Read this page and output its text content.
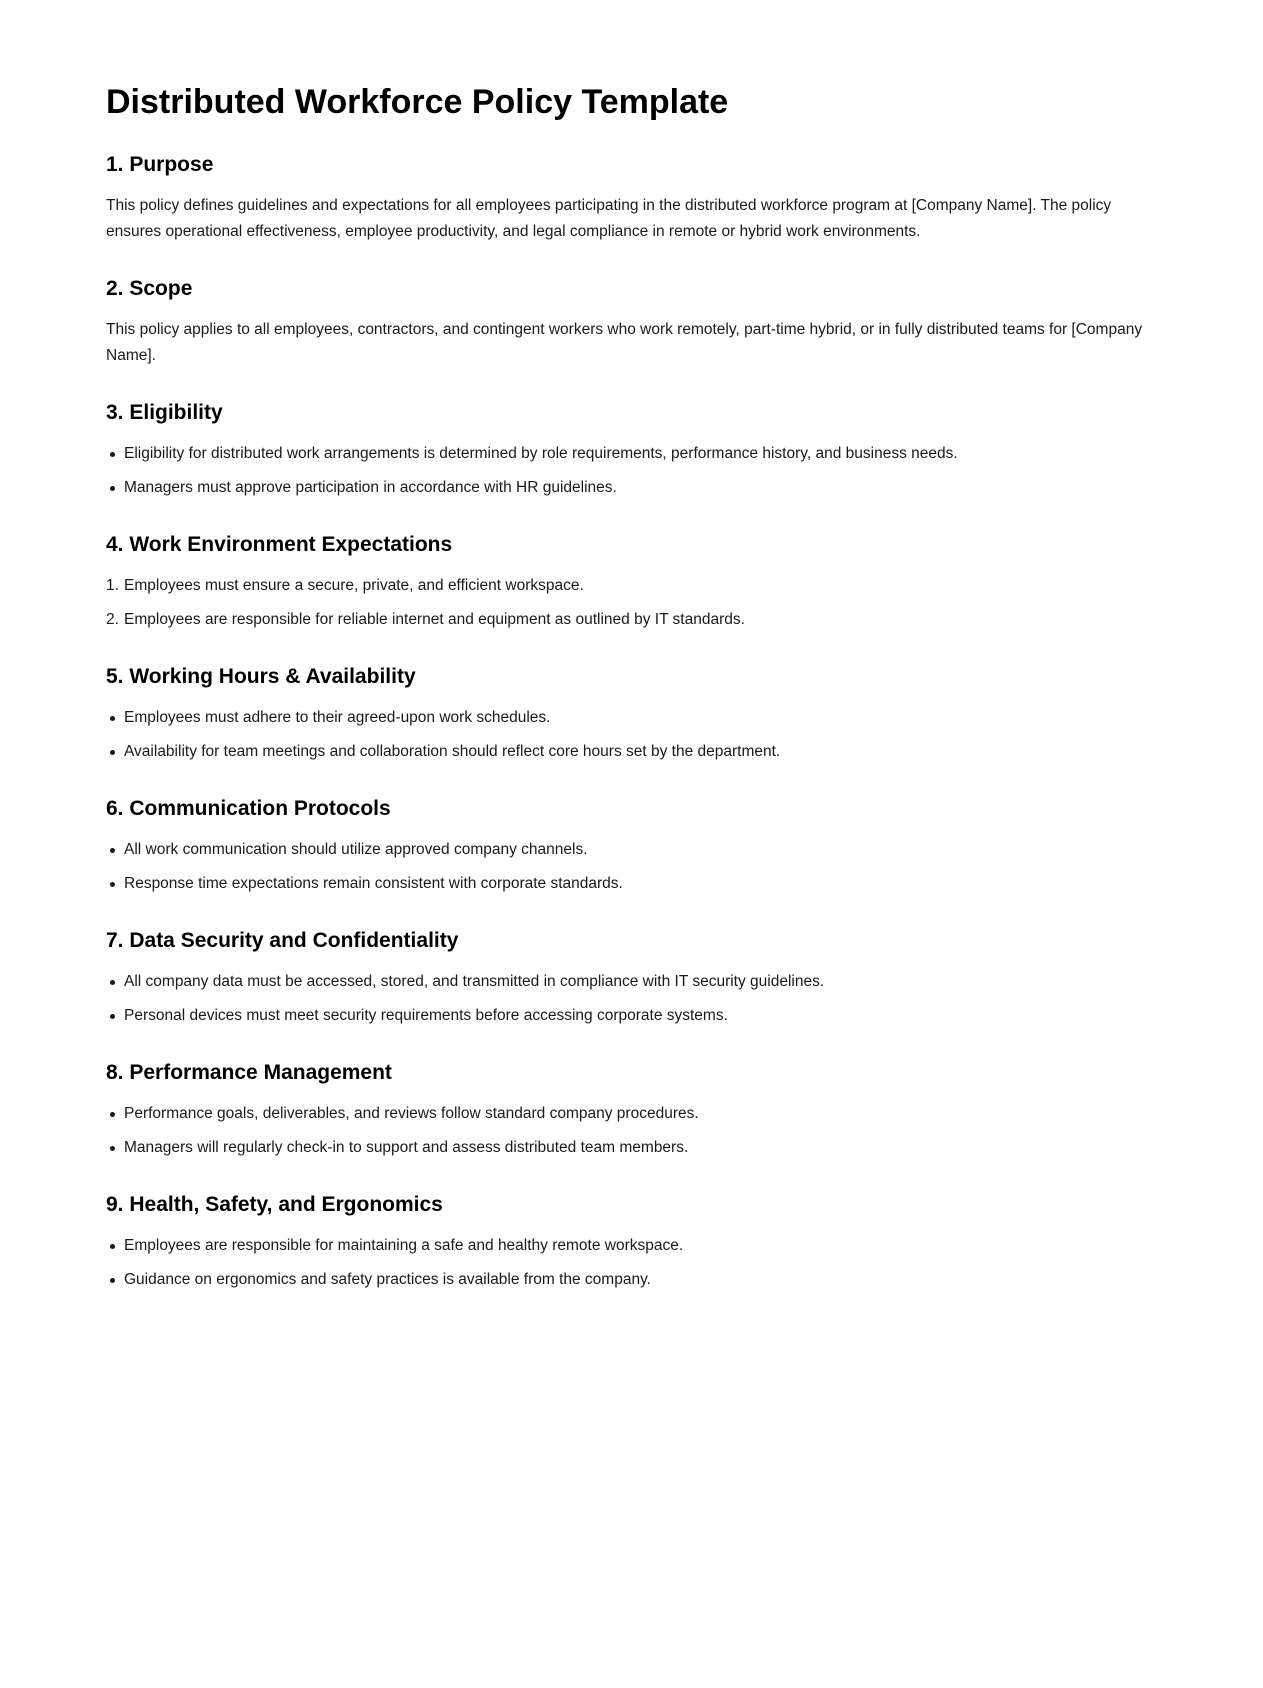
Distributed Workforce Policy Template
1. Purpose

This policy defines guidelines and expectations for all employees participating in the distributed workforce program at [Company Name]. The policy ensures operational effectiveness, employee productivity, and legal compliance in remote or hybrid work environments.

2. Scope

This policy applies to all employees, contractors, and contingent workers who work remotely, part-time hybrid, or in fully distributed teams for [Company Name].

3. Eligibility
Eligibility for distributed work arrangements is determined by role requirements, performance history, and business needs.
Managers must approve participation in accordance with HR guidelines.
4. Work Environment Expectations
1. Employees must ensure a secure, private, and efficient workspace.
2. Employees are responsible for reliable internet and equipment as outlined by IT standards.
5. Working Hours & Availability
Employees must adhere to their agreed-upon work schedules.
Availability for team meetings and collaboration should reflect core hours set by the department.
6. Communication Protocols
All work communication should utilize approved company channels.
Response time expectations remain consistent with corporate standards.
7. Data Security and Confidentiality
All company data must be accessed, stored, and transmitted in compliance with IT security guidelines.
Personal devices must meet security requirements before accessing corporate systems.
8. Performance Management
Performance goals, deliverables, and reviews follow standard company procedures.
Managers will regularly check-in to support and assess distributed team members.
9. Health, Safety, and Ergonomics
Employees are responsible for maintaining a safe and healthy remote workspace.
Guidance on ergonomics and safety practices is available from the company.
